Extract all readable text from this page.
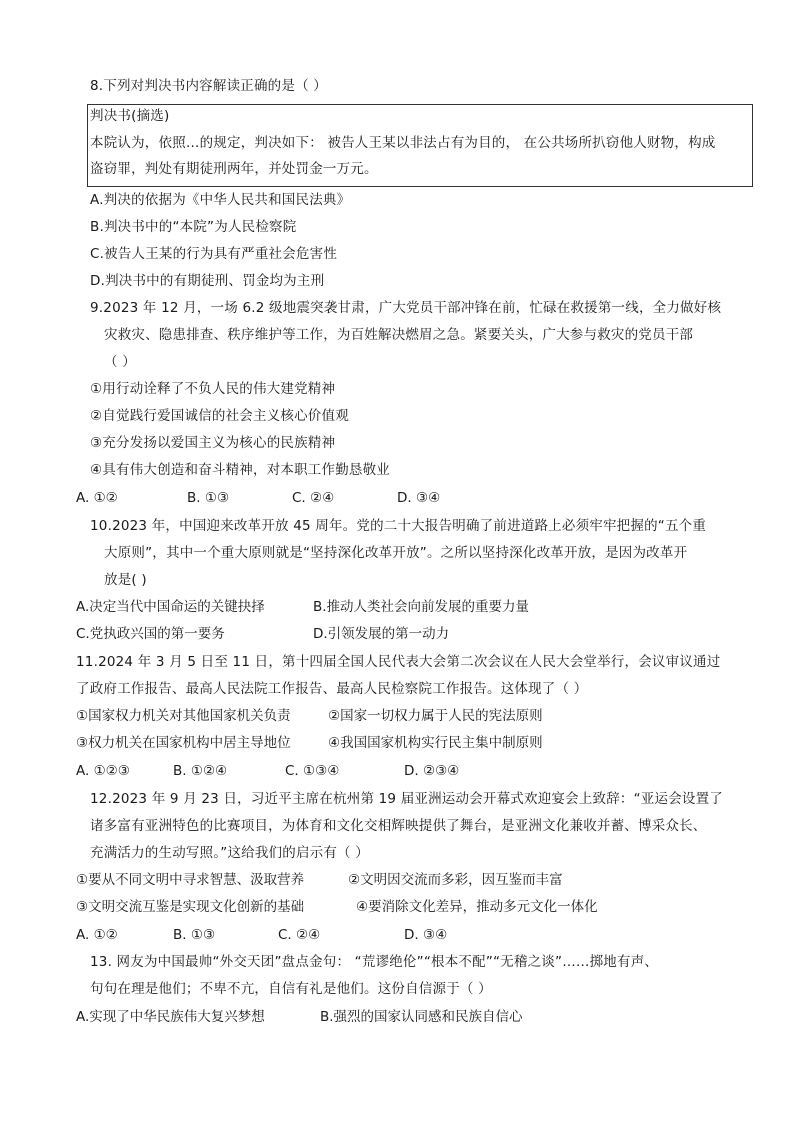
8.下列对判决书内容解读正确的是（ ）
判决书(摘选)
本院认为，依照…的规定，判决如下： 被告人王某以非法占有为目的， 在公共场所扒窃他人财物，构成
盗窃罪，判处有期徒刑两年，并处罚金一万元。
A.判决的依据为《中华人民共和国民法典》
B.判决书中的“本院”为人民检察院
C.被告人王某的行为具有严重社会危害性
D.判决书中的有期徒刑、罚金均为主刑
9.2023 年 12 月，一场 6.2 级地震突袭甘肃，广大党员干部冲锋在前，忙碌在救援第一线，全力做好核
灾救灾、隐患排查、秩序维护等工作，为百姓解决燃眉之急。紧要关头，广大参与救灾的党员干部
（ ）
①用行动诠释了不负人民的伟大建党精神
②自觉践行爱国诚信的社会主义核心价值观
③充分发扬以爱国主义为核心的民族精神
④具有伟大创造和奋斗精神，对本职工作勤恳敬业
A. ①②	B. ①③	C. ②④	D. ③④
10.2023 年，中国迎来改革开放 45 周年。党的二十大报告明确了前进道路上必须牢牢把握的“五个重
大原则”，其中一个重大原则就是“坚持深化改革开放”。之所以坚持深化改革开放，是因为改革开
放是( )
A.决定当代中国命运的关键抉择	B.推动人类社会向前发展的重要力量
C.党执政兴国的第一要务	D.引领发展的第一动力
11.2024 年 3 月 5 日至 11 日，第十四届全国人民代表大会第二次会议在人民大会堂举行，会议审议通过
了政府工作报告、最高人民法院工作报告、最高人民检察院工作报告。这体现了（ ）
①国家权力机关对其他国家机关负责	②国家一切权力属于人民的宪法原则
③权力机关在国家机构中居主导地位	④我国国家机构实行民主集中制原则
A. ①②③	B. ①②④	C. ①③④	D. ②③④
12.2023 年 9 月 23 日，习近平主席在杭州第 19 届亚洲运动会开幕式欢迎宴会上致辞：“亚运会设置了
诸多富有亚洲特色的比赛项目，为体育和文化交相辉映提供了舞台，是亚洲文化兼收并蓄、博采众长、
充满活力的生动写照。”这给我们的启示有（ ）
①要从不同文明中寻求智慧、汲取营养	②文明因交流而多彩，因互鉴而丰富
③文明交流互鉴是实现文化创新的基础	④要消除文化差异，推动多元文化一体化
A. ①②	B. ①③	C. ②④	D. ③④
13. 网友为中国最帅“外交天团”盘点金句： “荒谬绝伦”“根本不配”“无稽之谈”……掷地有声、
句句在理是他们；不卑不亢，自信有礼是他们。这份自信源于（ ）
A.实现了中华民族伟大复兴梦想	B.强烈的国家认同感和民族自信心
